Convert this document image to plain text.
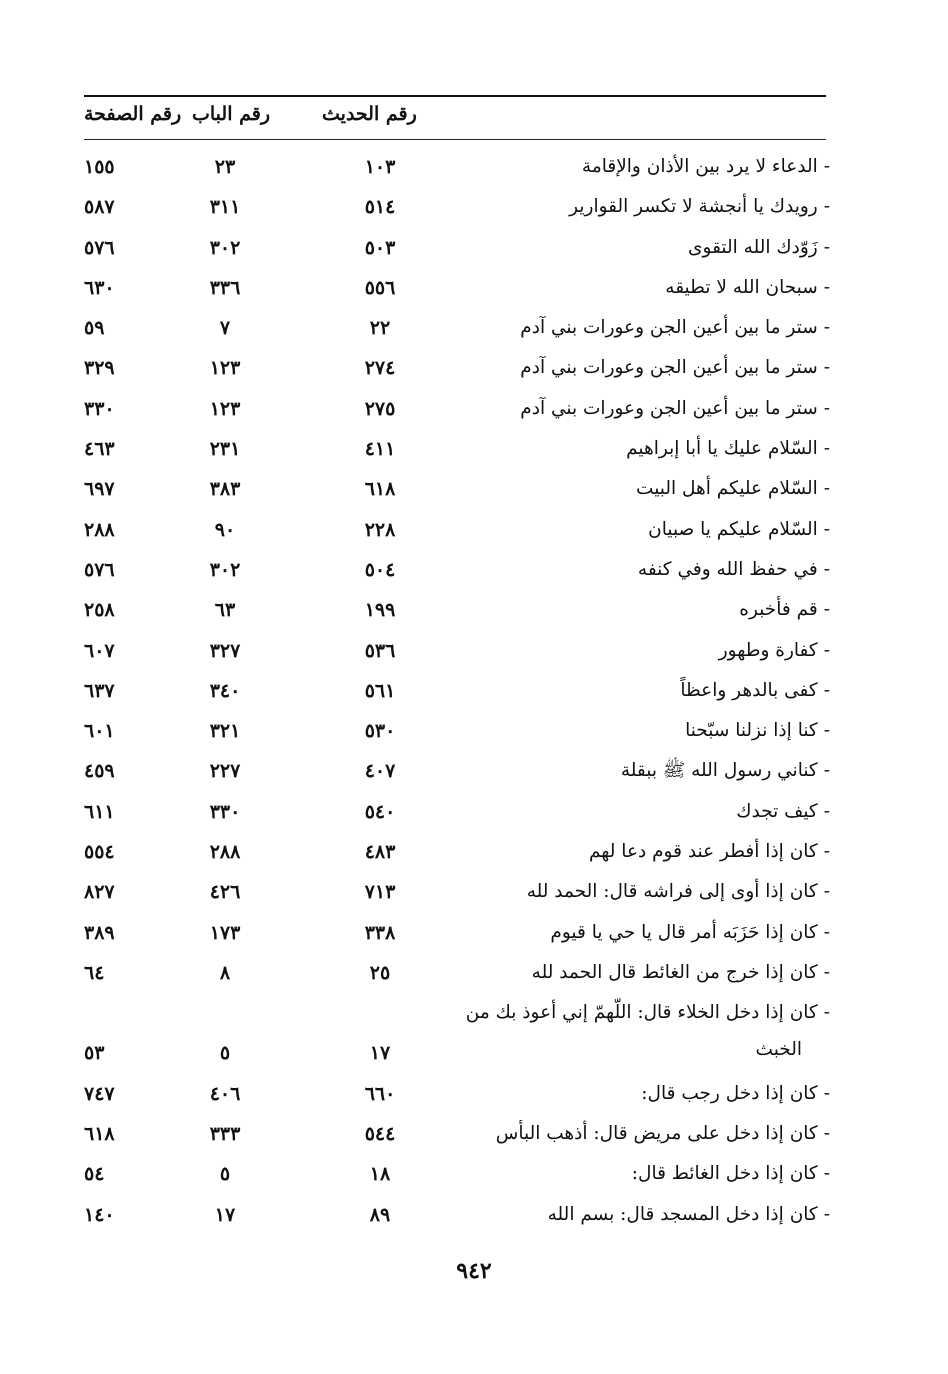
رقم الحديث
رقم الباب
رقم الصفحة
-الدعاء لا يرد بين الأذان والإقامة
١٠٣
٢٣
١٥٥
-رويدك يا أنجشة لا تكسر القوارير
٥١٤
٣١١
٥٨٧
-زَوّدك الله التقوى
٥٠٣
٣٠٢
٥٧٦
-سبحان الله لا تطيقه
٥٥٦
٣٣٦
٦٣٠
-ستر ما بين أعين الجن وعورات بني آدم
٢٢
٧
٥٩
-ستر ما بين أعين الجن وعورات بني آدم
٢٧٤
١٢٣
٣٢٩
-ستر ما بين أعين الجن وعورات بني آدم
٢٧٥
١٢٣
٣٣٠
-السّلام عليك يا أبا إبراهيم
٤١١
٢٣١
٤٦٣
-السّلام عليكم أهل البيت
٦١٨
٣٨٣
٦٩٧
-السّلام عليكم يا صبيان
٢٢٨
٩٠
٢٨٨
-في حفظ الله وفي كنفه
٥٠٤
٣٠٢
٥٧٦
-قم فأخبره
١٩٩
٦٣
٢٥٨
-كفارة وطهور
٥٣٦
٣٢٧
٦٠٧
-كفى بالدهر واعظاً
٥٦١
٣٤٠
٦٣٧
-كنا إذا نزلنا سبّحنا
٥٣٠
٣٢١
٦٠١
-كناني رسول الله ﷺ ببقلة
٤٠٧
٢٢٧
٤٥٩
-كيف تجدك
٥٤٠
٣٣٠
٦١١
-كان إذا أفطر عند قوم دعا لهم
٤٨٣
٢٨٨
٥٥٤
-كان إذا أوى إلى فراشه قال: الحمد لله
٧١٣
٤٢٦
٨٢٧
-كان إذا حَزَبَه أمر قال يا حي يا قيوم
٣٣٨
١٧٣
٣٨٩
-كان إذا خرج من الغائط قال الحمد لله
٢٥
٨
٦٤
-كان إذا دخل الخلاء قال: اللّهمّ إني أعوذ بك من
الخبث
١٧
٥
٥٣
-كان إذا دخل رجب قال:
٦٦٠
٤٠٦
٧٤٧
-كان إذا دخل على مريض قال: أذهب البأس
٥٤٤
٣٣٣
٦١٨
-كان إذا دخل الغائط قال:
١٨
٥
٥٤
-كان إذا دخل المسجد قال: بسم الله
٨٩
١٧
١٤٠
٩٤٢
